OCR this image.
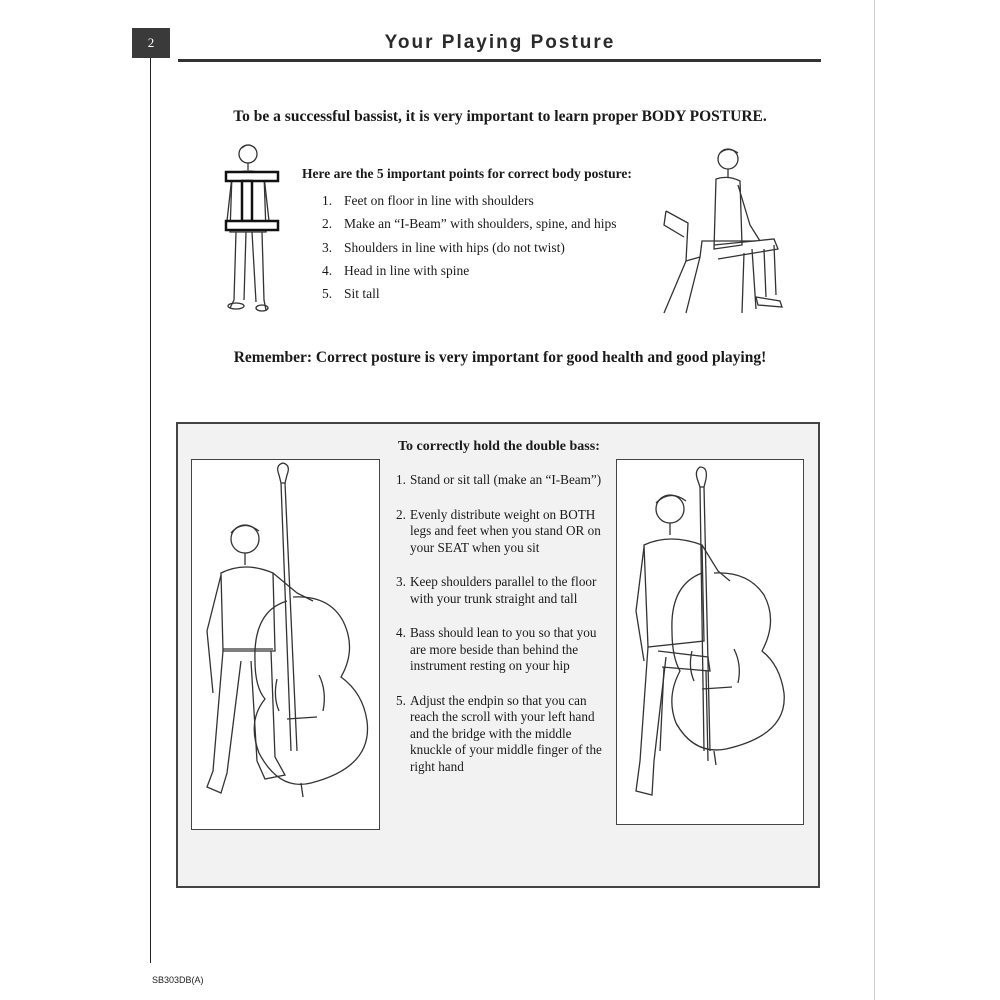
2	Your Playing Posture
To be a successful bassist, it is very important to learn proper BODY POSTURE.
Here are the 5 important points for correct body posture:
1. Feet on floor in line with shoulders
2. Make an “I-Beam” with shoulders, spine, and hips
3. Shoulders in line with hips (do not twist)
4. Head in line with spine
5. Sit tall
Remember: Correct posture is very important for good health and good playing!
To correctly hold the double bass:
1. Stand or sit tall (make an “I-Beam”)
2. Evenly distribute weight on BOTH legs and feet when you stand OR on your SEAT when you sit
3. Keep shoulders parallel to the floor with your trunk straight and tall
4. Bass should lean to you so that you are more beside than behind the instrument resting on your hip
5. Adjust the endpin so that you can reach the scroll with your left hand and the bridge with the middle knuckle of your middle finger of the right hand
SB303DB(A)
